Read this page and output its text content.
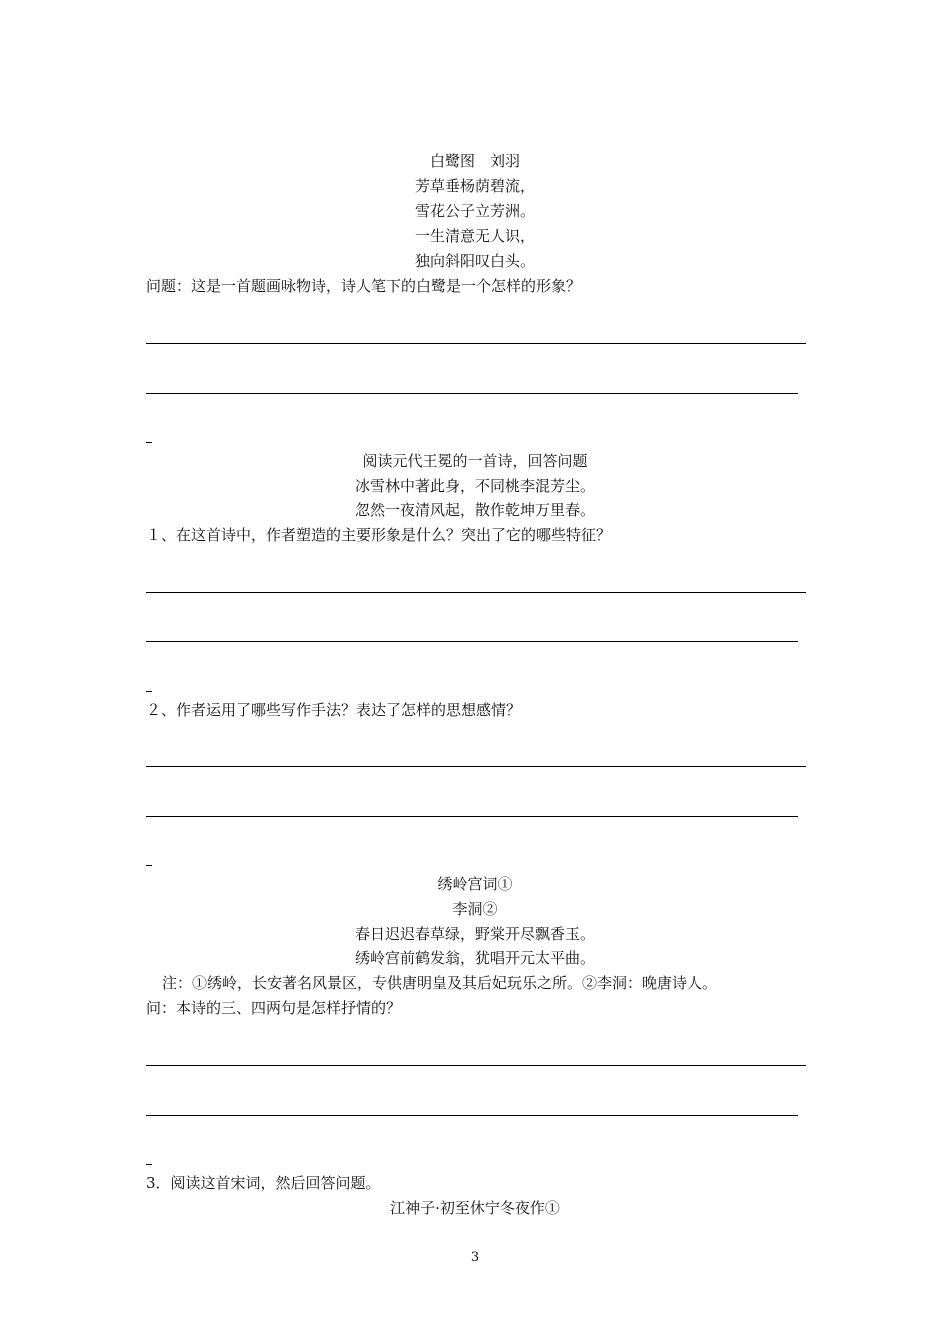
白鹭图　刘羽
芳草垂杨荫碧流，
雪花公子立芳洲。
一生清意无人识，
独向斜阳叹白头。
问题：这是一首题画咏物诗，诗人笔下的白鹭是一个怎样的形象？
阅读元代王冕的一首诗，回答问题
冰雪林中著此身，不同桃李混芳尘。
忽然一夜清风起，散作乾坤万里春。
１、在这首诗中，作者塑造的主要形象是什么？突出了它的哪些特征？
２、作者运用了哪些写作手法？表达了怎样的思想感情？
绣岭宫词①
李洞②
春日迟迟春草绿，野棠开尽飘香玉。
绣岭宫前鹤发翁，犹唱开元太平曲。
注：①绣岭，长安著名风景区，专供唐明皇及其后妃玩乐之所。②李洞：晚唐诗人。
问：本诗的三、四两句是怎样抒情的？
3．阅读这首宋词，然后回答问题。
江神子·初至休宁冬夜作①
3
